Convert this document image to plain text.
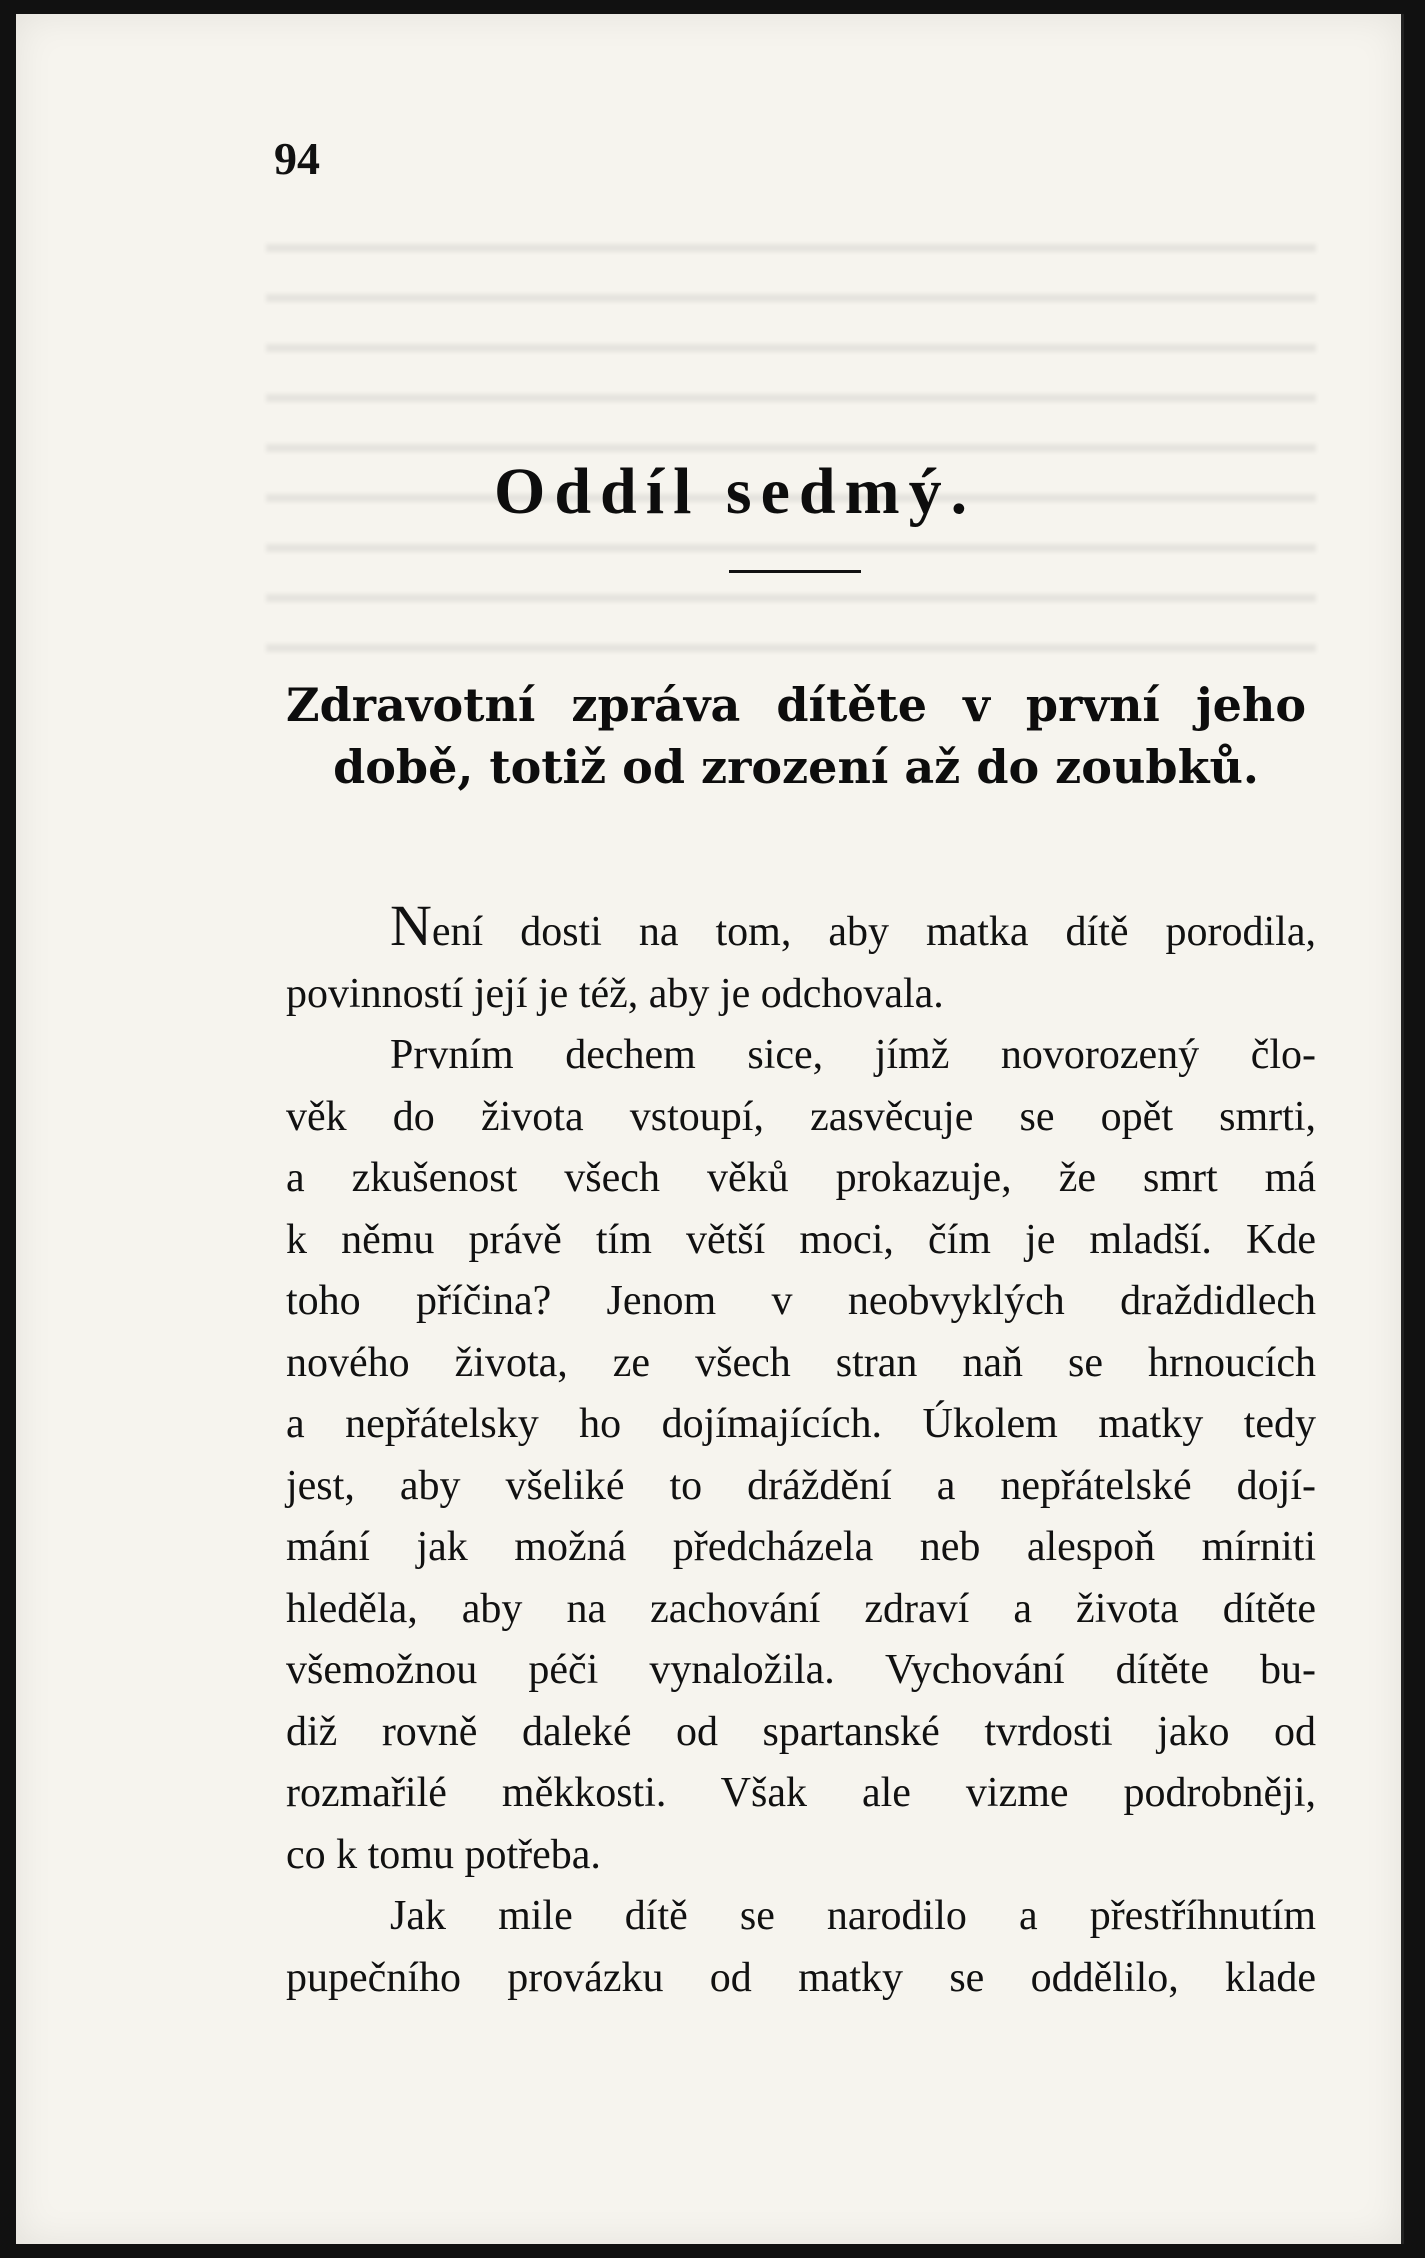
94
Oddíl sedmý.
Zdravotní zpráva dítěte v první jeho době, totiž od zrození až do zoubků.
Není dosti na tom, aby matka dítě porodila,
povinností její je též, aby je odchovala.
Prvním dechem sice, jímž novorozený člo-
věk do života vstoupí, zasvěcuje se opět smrti,
a zkušenost všech věků prokazuje, že smrt má
k němu právě tím větší moci, čím je mladší. Kde
toho příčina? Jenom v neobvyklých draždidlech
nového života, ze všech stran naň se hrnoucích
a nepřátelsky ho dojímajících. Úkolem matky tedy
jest, aby všeliké to dráždění a nepřátelské dojí-
mání jak možná předcházela neb alespoň mírniti
hleděla, aby na zachování zdraví a života dítěte
všemožnou péči vynaložila. Vychování dítěte bu-
diž rovně daleké od spartanské tvrdosti jako od
rozmařilé měkkosti. Však ale vizme podrobněji,
co k tomu potřeba.
Jak mile dítě se narodilo a přestříhnutím
pupečního provázku od matky se oddělilo, klade
